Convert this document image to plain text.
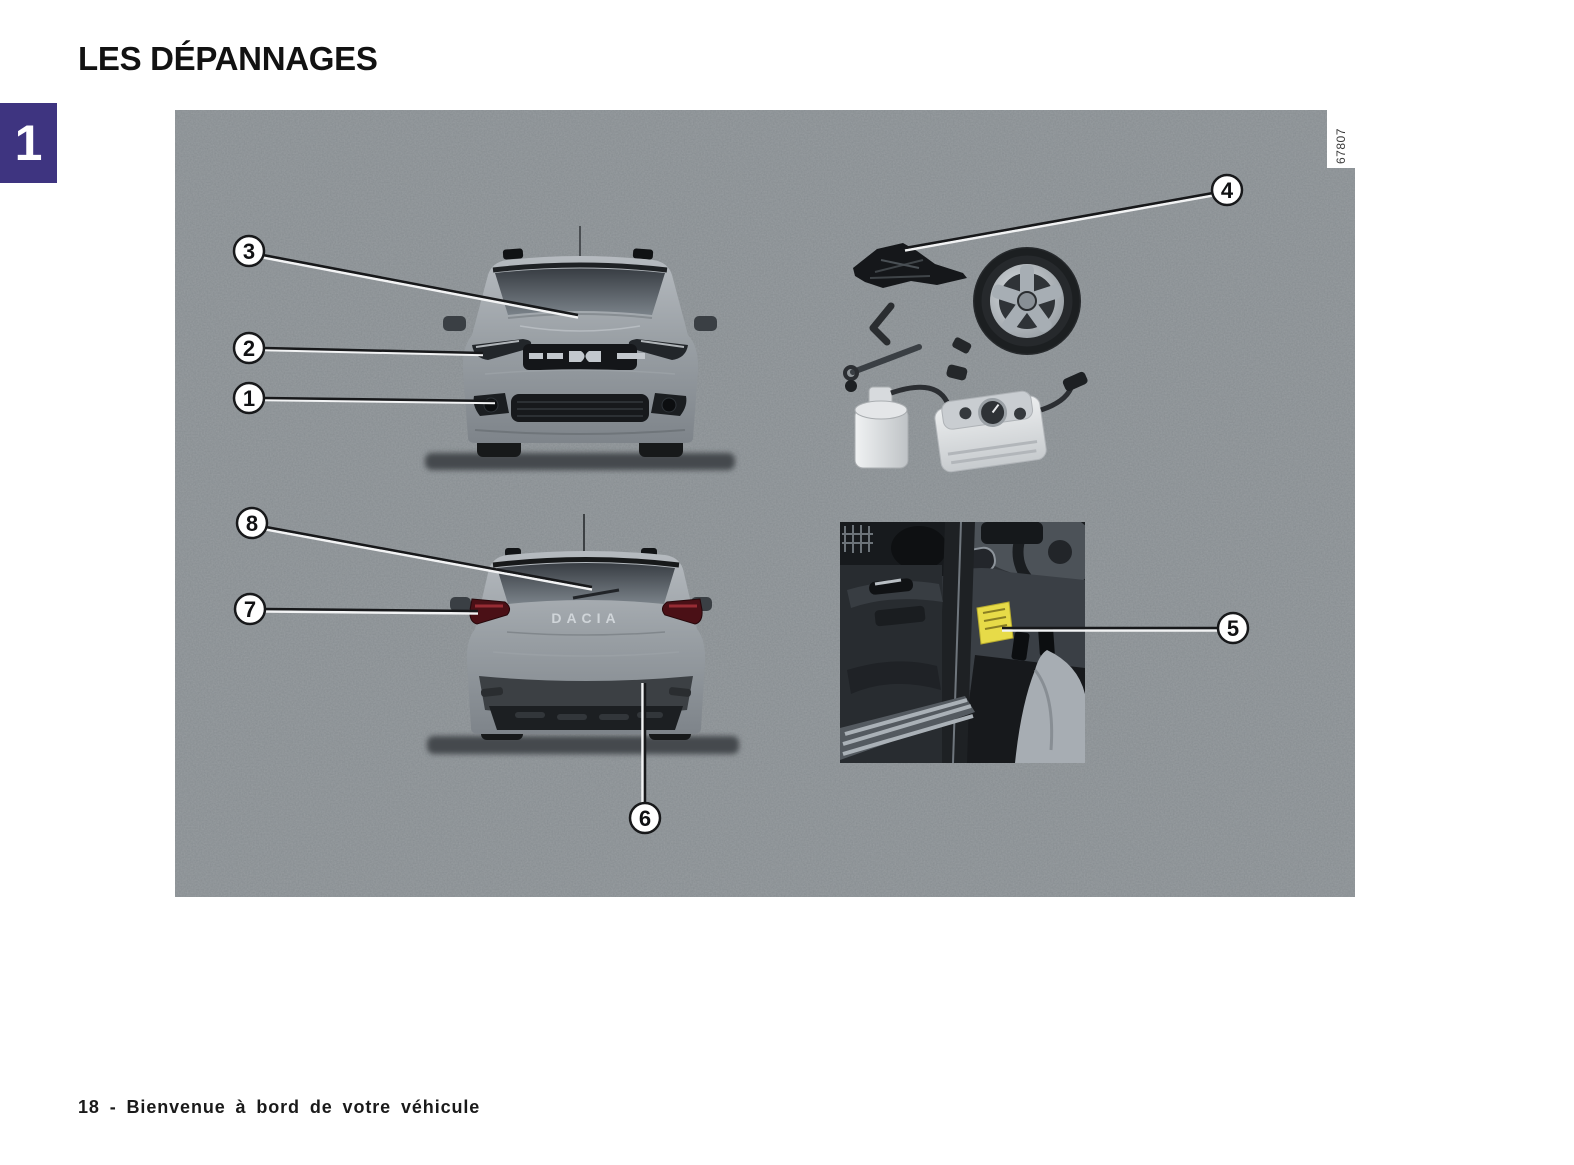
LES DÉPANNAGES
1
DACIA
1
2
3
4
5
6
7
8
67807
18 - Bienvenue à bord de votre véhicule
